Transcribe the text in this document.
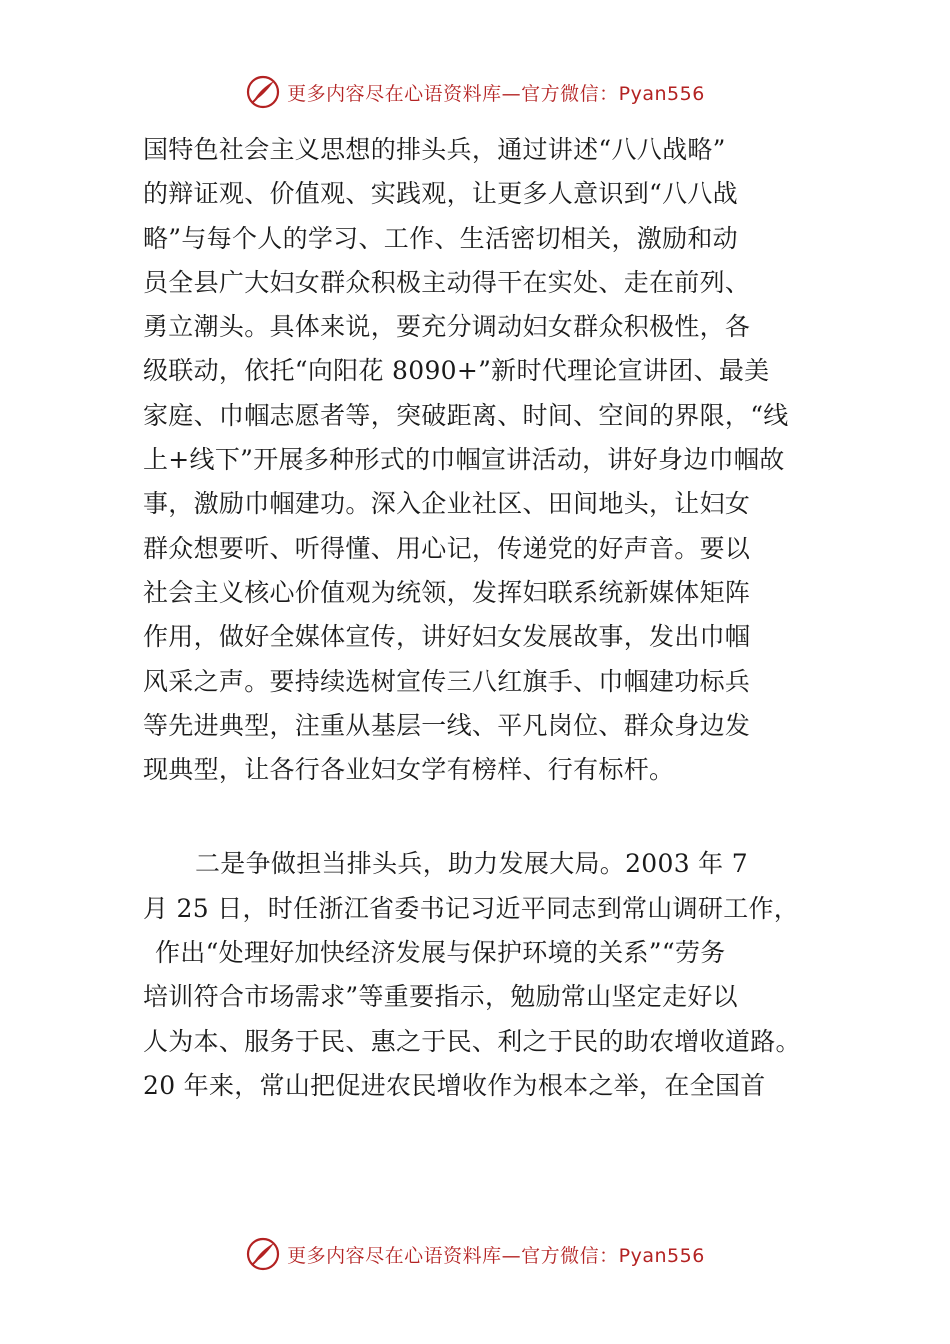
更多内容尽在心语资料库—官方微信：Pyan556
国特色社会主义思想的排头兵，通过讲述“八八战略”
的辩证观、价值观、实践观，让更多人意识到“八八战
略”与每个人的学习、工作、生活密切相关，激励和动
员全县广大妇女群众积极主动得干在实处、走在前列、
勇立潮头。具体来说，要充分调动妇女群众积极性，各
级联动，依托“向阳花 8090+”新时代理论宣讲团、最美
家庭、巾帼志愿者等，突破距离、时间、空间的界限，“线
上+线下”开展多种形式的巾帼宣讲活动，讲好身边巾帼故
事，激励巾帼建功。深入企业社区、田间地头，让妇女
群众想要听、听得懂、用心记，传递党的好声音。要以
社会主义核心价值观为统领，发挥妇联系统新媒体矩阵
作用，做好全媒体宣传，讲好妇女发展故事，发出巾帼
风采之声。要持续选树宣传三八红旗手、巾帼建功标兵
等先进典型，注重从基层一线、平凡岗位、群众身边发
现典型，让各行各业妇女学有榜样、行有标杆。
二是争做担当排头兵，助力发展大局。2003 年 7
月 25 日，时任浙江省委书记习近平同志到常山调研工作，
作出“处理好加快经济发展与保护环境的关系”“劳务
培训符合市场需求”等重要指示，勉励常山坚定走好以
人为本、服务于民、惠之于民、利之于民的助农增收道路。
20 年来，常山把促进农民增收作为根本之举，在全国首
更多内容尽在心语资料库—官方微信：Pyan556
